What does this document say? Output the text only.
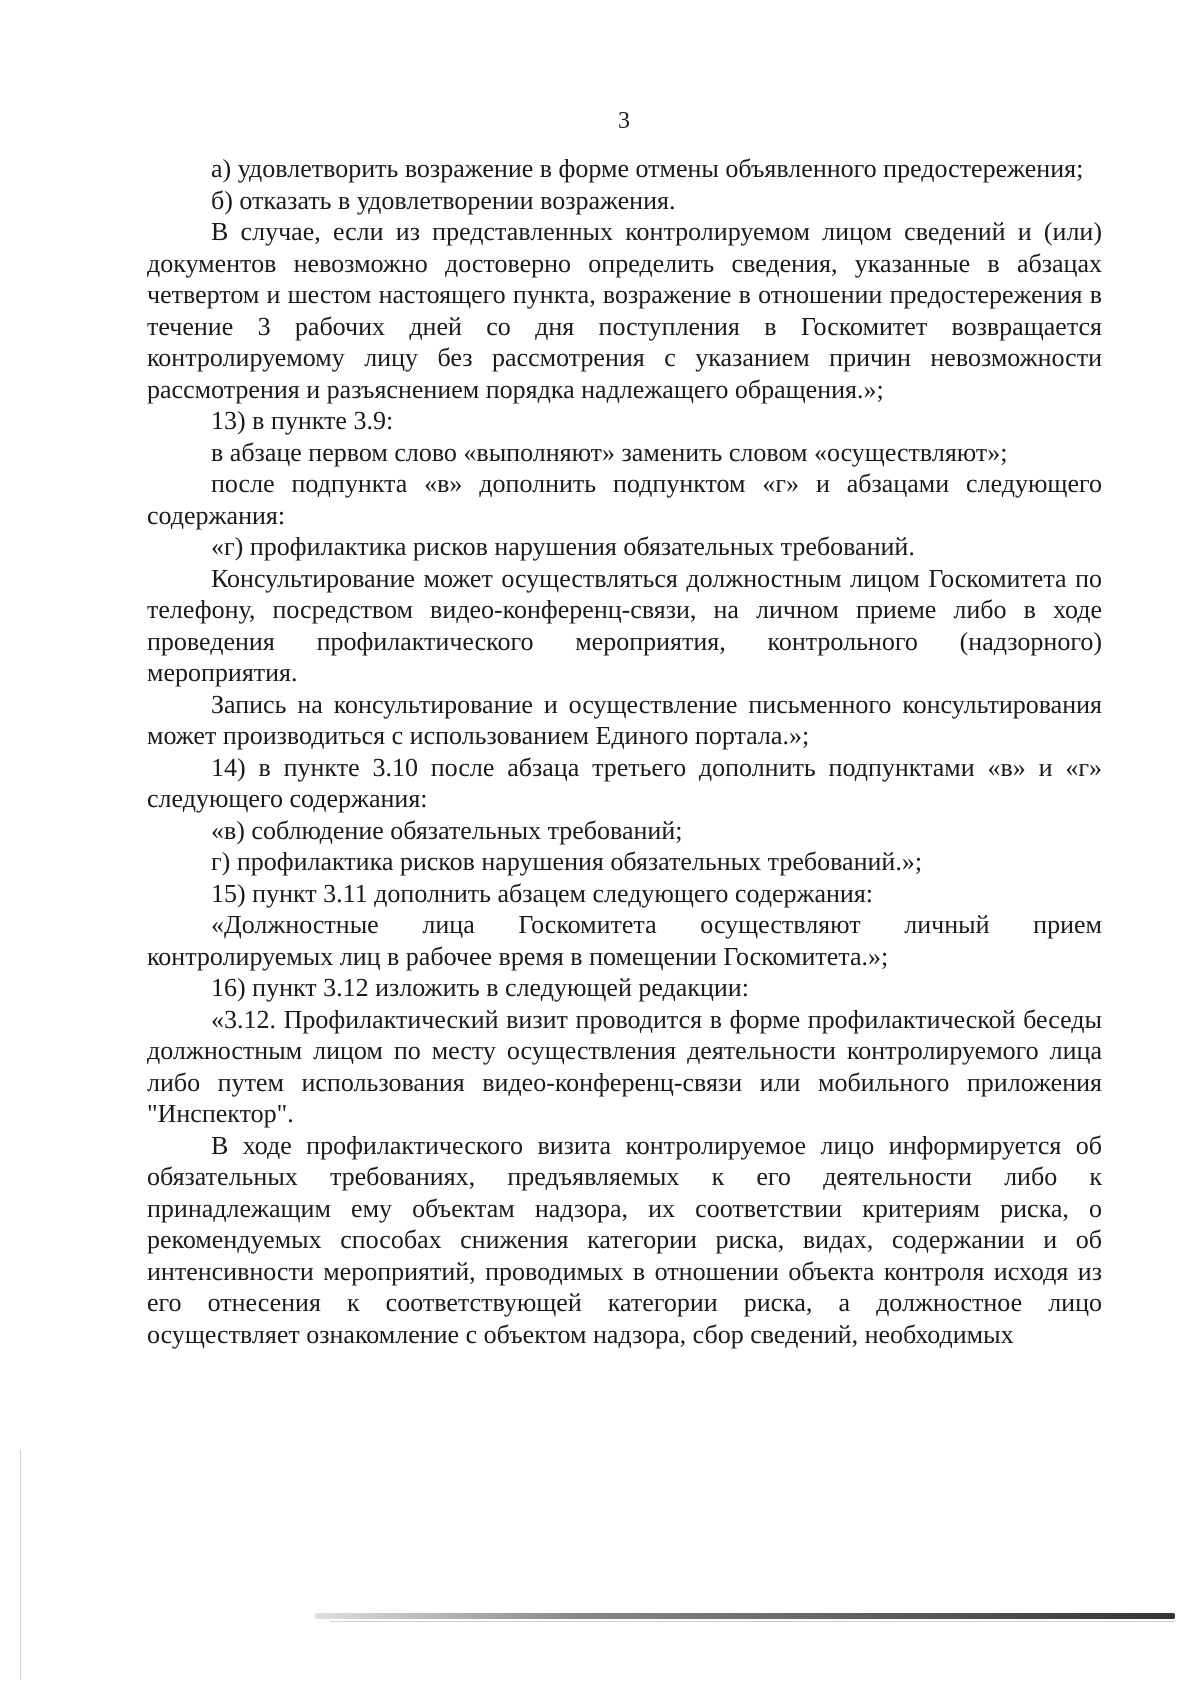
3

а) удовлетворить возражение в форме отмены объявленного предостережения;

б) отказать в удовлетворении возражения.

В случае, если из представленных контролируемом лицом сведений и (или) документов невозможно достоверно определить сведения, указанные в абзацах четвертом и шестом настоящего пункта, возражение в отношении предостережения в течение 3 рабочих дней со дня поступления в Госкомитет возвращается контролируемому лицу без рассмотрения с указанием причин невозможности рассмотрения и разъяснением порядка надлежащего обращения.»;

13) в пункте 3.9:

в абзаце первом слово «выполняют» заменить словом «осуществляют»;

после подпункта «в» дополнить подпунктом «г» и абзацами следующего содержания:

«г) профилактика рисков нарушения обязательных требований.

Консультирование может осуществляться должностным лицом Госкомитета по телефону, посредством видео-конференц-связи, на личном приеме либо в ходе проведения профилактического мероприятия, контрольного (надзорного) мероприятия.

Запись на консультирование и осуществление письменного консультирования может производиться с использованием Единого портала.»;

14) в пункте 3.10 после абзаца третьего дополнить подпунктами «в» и «г» следующего содержания:

«в) соблюдение обязательных требований;

г) профилактика рисков нарушения обязательных требований.»;

15) пункт 3.11 дополнить абзацем следующего содержания:

«Должностные лица Госкомитета осуществляют личный прием контролируемых лиц в рабочее время в помещении Госкомитета.»;

16) пункт 3.12 изложить в следующей редакции:

«3.12. Профилактический визит проводится в форме профилактической беседы должностным лицом по месту осуществления деятельности контролируемого лица либо путем использования видео-конференц-связи или мобильного приложения "Инспектор".

В ходе профилактического визита контролируемое лицо информируется об обязательных требованиях, предъявляемых к его деятельности либо к принадлежащим ему объектам надзора, их соответствии критериям риска, о рекомендуемых способах снижения категории риска, видах, содержании и об интенсивности мероприятий, проводимых в отношении объекта контроля исходя из его отнесения к соответствующей категории риска, а должностное лицо осуществляет ознакомление с объектом надзора, сбор сведений, необходимых
